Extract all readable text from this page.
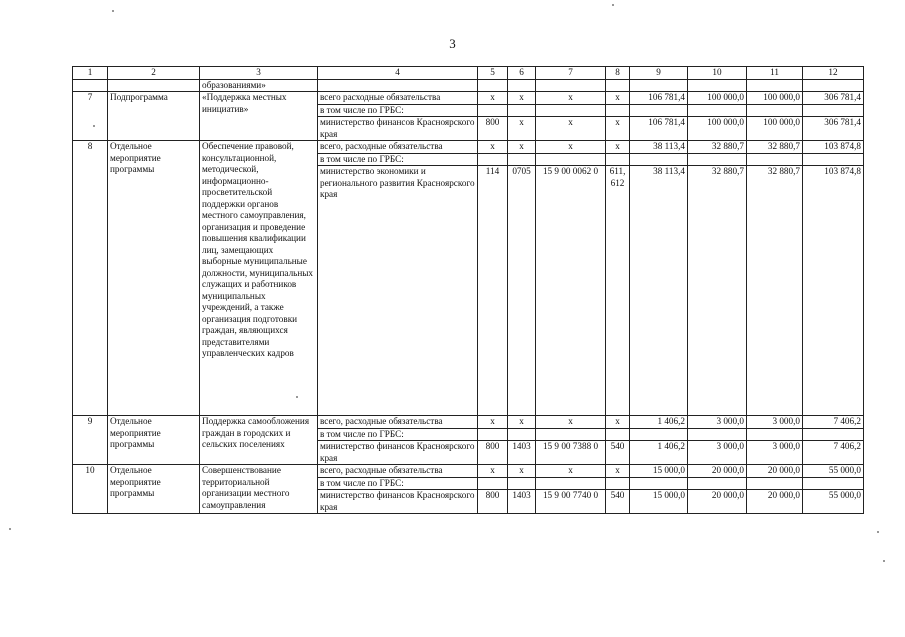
3
1	2	3	4	5	6	7	8	9	10	11	12
		образованиями»									
7	Подпрограмма	«Поддержка местных инициатив»	всего расходные обязательства	х	х	х	х	106 781,4	100 000,0	100 000,0	306 781,4
			в том числе по ГРБС:								
			министерство финансов Красноярского края	800	х	х	х	106 781,4	100 000,0	100 000,0	306 781,4
8	Отдельное мероприятие программы	Обеспечение правовой, консультационной, методической, информационно-просветительской поддержки органов местного самоуправления, организация и проведение повышения квалификации лиц, замещающих выборные муниципальные должности, муниципальных служащих и работников муниципальных учреждений, а также организация подготовки граждан, являющихся представителями управленческих кадров	всего, расходные обязательства	х	х	х	х	38 113,4	32 880,7	32 880,7	103 874,8
			в том числе по ГРБС:								
			министерство экономики и регионального развития Красноярского края	114	0705	15 9 00 0062 0	611, 612	38 113,4	32 880,7	32 880,7	103 874,8
9	Отдельное мероприятие программы	Поддержка самообложения граждан в городских и сельских поселениях	всего, расходные обязательства	х	х	х	х	1 406,2	3 000,0	3 000,0	7 406,2
			в том числе по ГРБС:								
			министерство финансов Красноярского края	800	1403	15 9 00 7388 0	540	1 406,2	3 000,0	3 000,0	7 406,2
10	Отдельное мероприятие программы	Совершенствование территориальной организации местного самоуправления	всего, расходные обязательства	х	х	х	х	15 000,0	20 000,0	20 000,0	55 000,0
			в том числе по ГРБС:								
			министерство финансов Красноярского края	800	1403	15 9 00 7740 0	540	15 000,0	20 000,0	20 000,0	55 000,0
